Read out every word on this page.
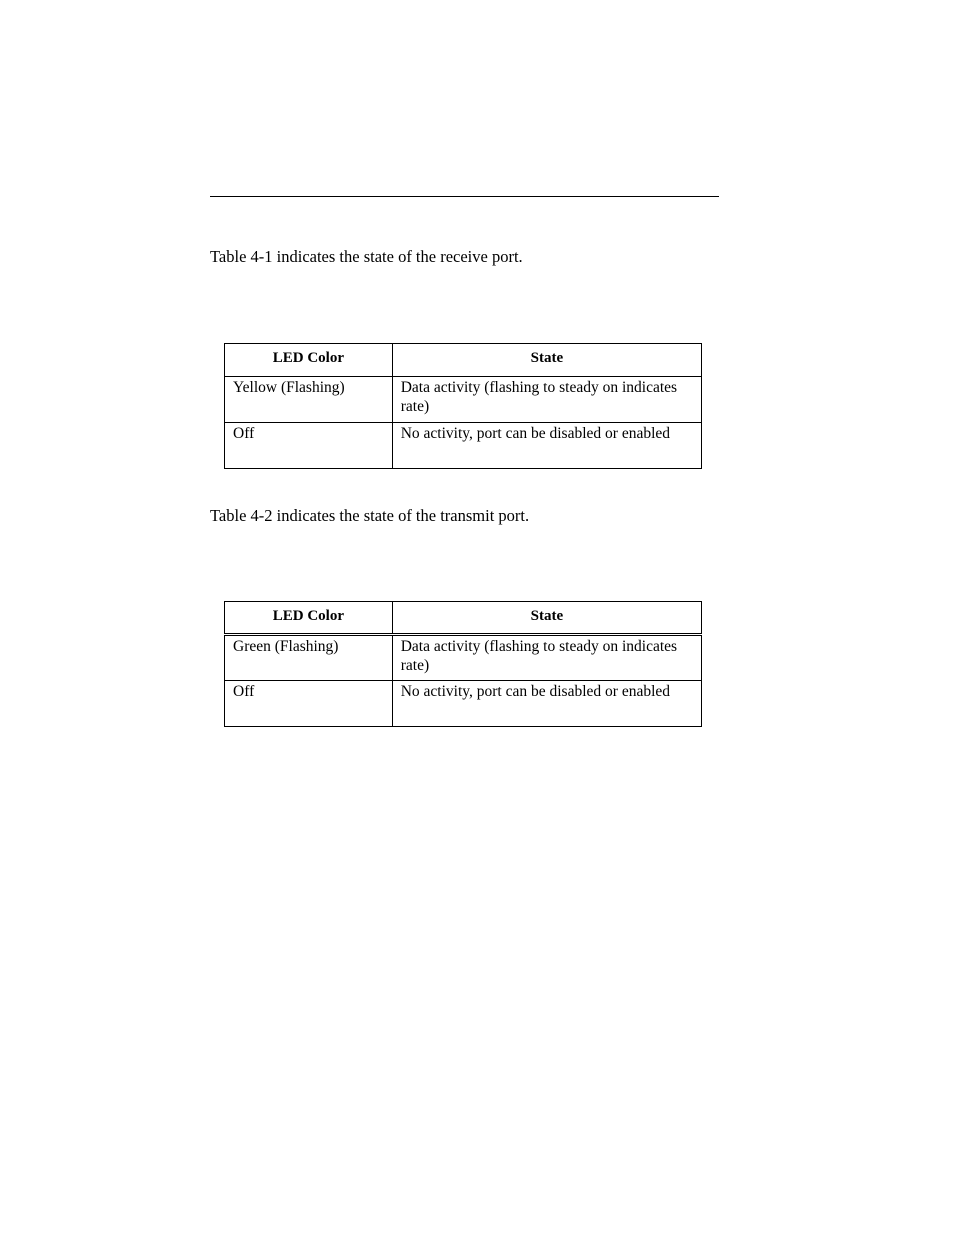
Table 4-1 indicates the state of the receive port.

LED Color	State
Yellow (Flashing)	Data activity (flashing to steady on indicates rate)
Off	No activity, port can be disabled or enabled

Table 4-2 indicates the state of the transmit port.

LED Color	State
Green (Flashing)	Data activity (flashing to steady on indicates rate)
Off	No activity, port can be disabled or enabled
